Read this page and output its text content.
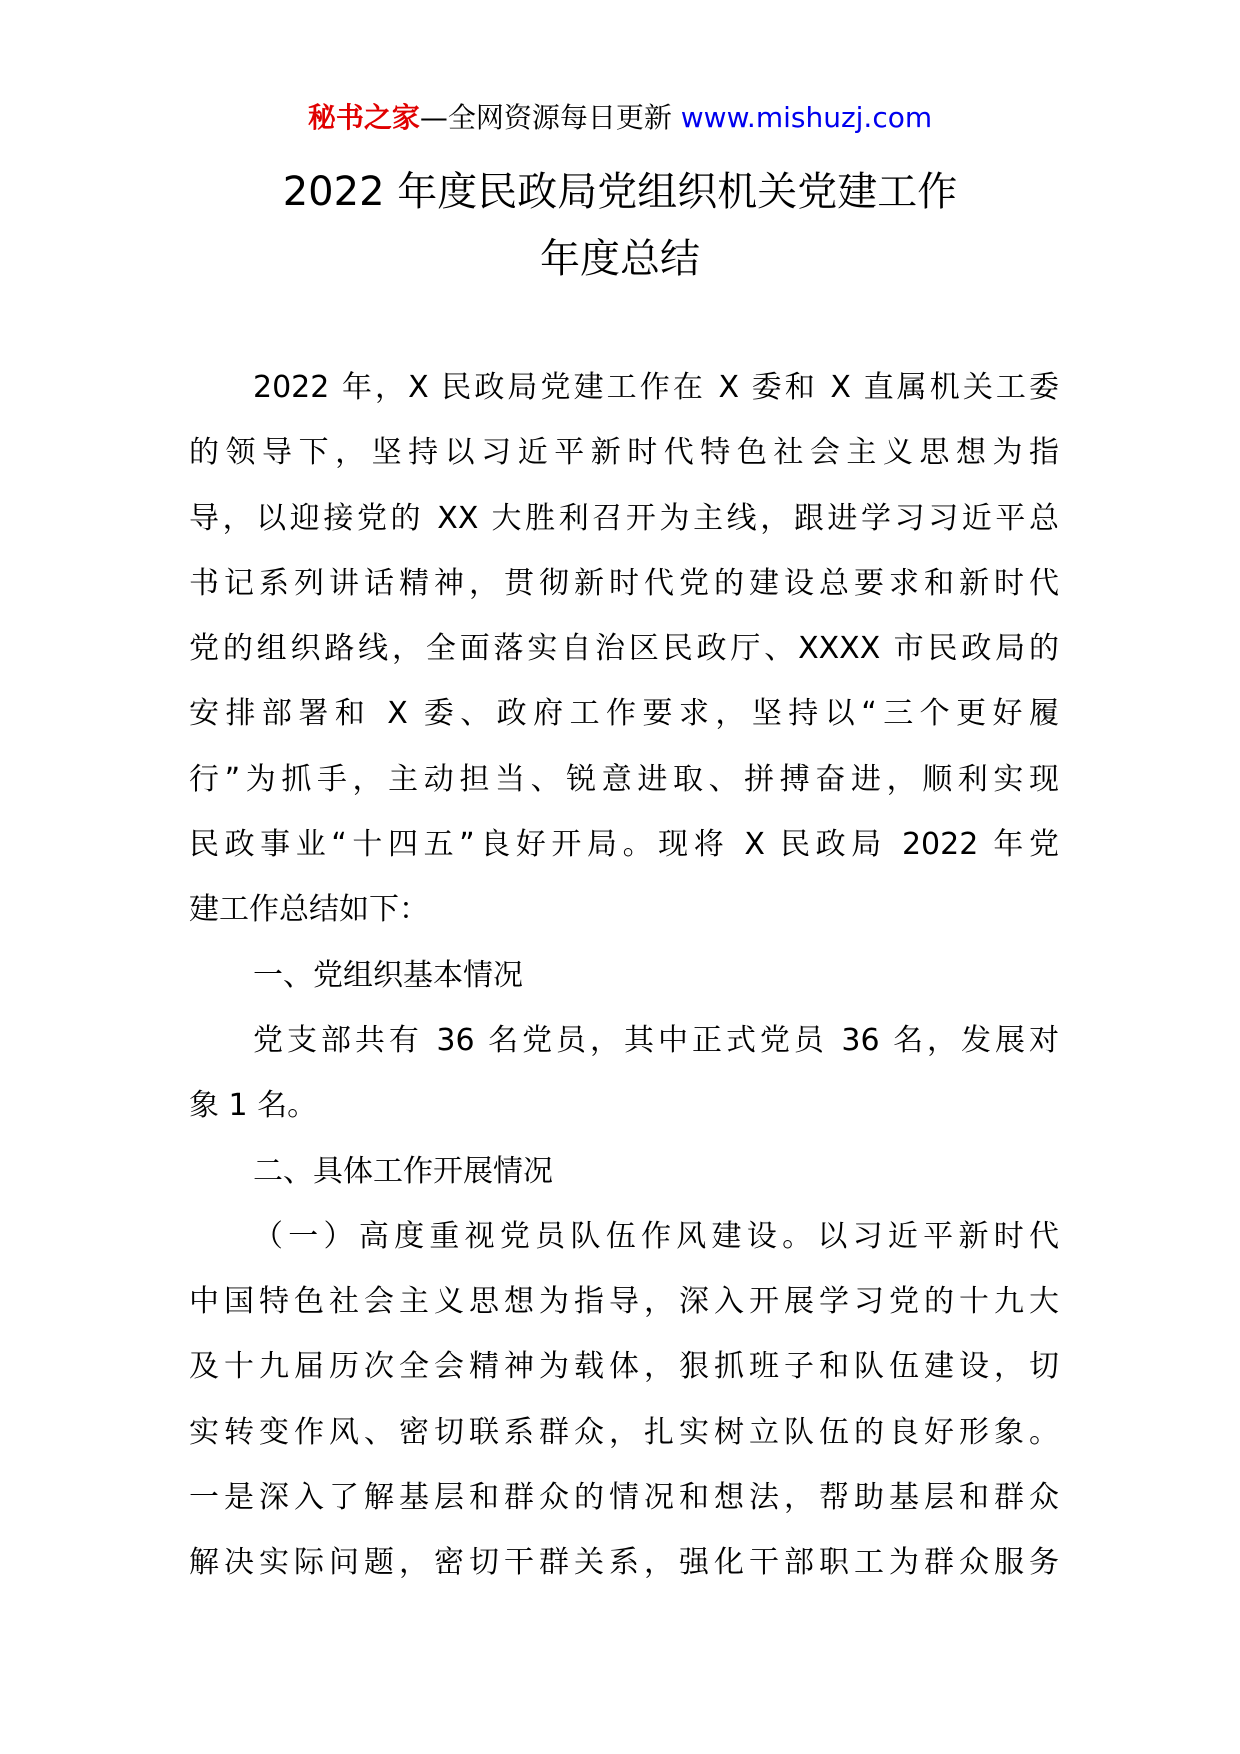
秘书之家—全网资源每日更新 www.mishuzj.com
2022 年度民政局党组织机关党建工作
年度总结
2022 年，X 民政局党建工作在 X 委和 X 直属机关工委
的领导下，坚持以习近平新时代特色社会主义思想为指
导，以迎接党的 XX 大胜利召开为主线，跟进学习习近平总
书记系列讲话精神，贯彻新时代党的建设总要求和新时代
党的组织路线，全面落实自治区民政厅、XXXX 市民政局的
安排部署和 X 委、政府工作要求，坚持以“三个更好履
行”为抓手，主动担当、锐意进取、拼搏奋进，顺利实现
民政事业“十四五”良好开局。现将 X 民政局 2022 年党
建工作总结如下：
一、党组织基本情况
党支部共有 36 名党员，其中正式党员 36 名，发展对
象 1 名。
二、具体工作开展情况
（一）高度重视党员队伍作风建设。以习近平新时代
中国特色社会主义思想为指导，深入开展学习党的十九大
及十九届历次全会精神为载体，狠抓班子和队伍建设，切
实转变作风、密切联系群众，扎实树立队伍的良好形象。
一是深入了解基层和群众的情况和想法，帮助基层和群众
解决实际问题，密切干群关系，强化干部职工为群众服务
